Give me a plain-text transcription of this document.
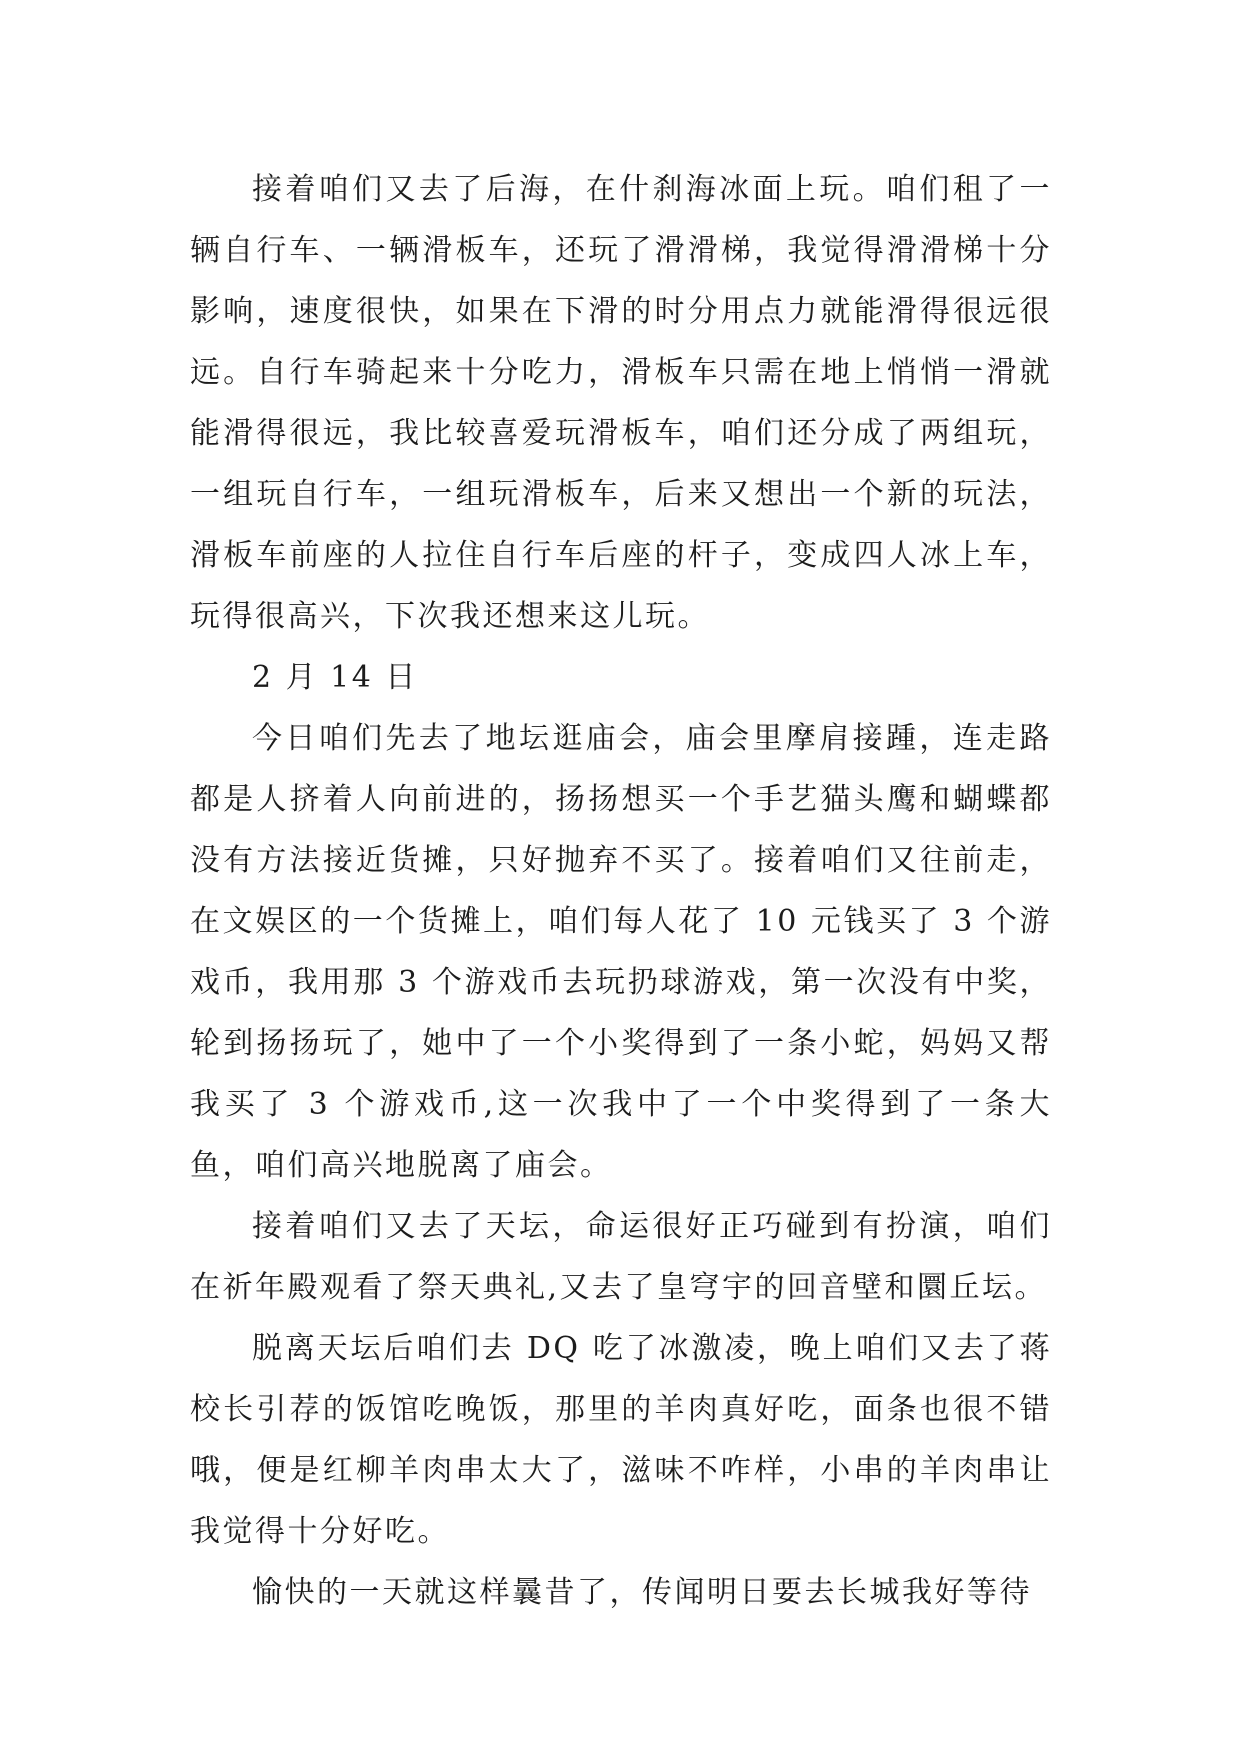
接着咱们又去了后海，在什刹海冰面上玩。咱们租了一辆自行车、一辆滑板车，还玩了滑滑梯，我觉得滑滑梯十分影响，速度很快，如果在下滑的时分用点力就能滑得很远很远。自行车骑起来十分吃力，滑板车只需在地上悄悄一滑就能滑得很远，我比较喜爱玩滑板车，咱们还分成了两组玩，一组玩自行车，一组玩滑板车，后来又想出一个新的玩法，滑板车前座的人拉住自行车后座的杆子，变成四人冰上车，玩得很高兴，下次我还想来这儿玩。

2 月 14 日

今日咱们先去了地坛逛庙会，庙会里摩肩接踵，连走路都是人挤着人向前进的，扬扬想买一个手艺猫头鹰和蝴蝶都没有方法接近货摊，只好抛弃不买了。接着咱们又往前走，在文娱区的一个货摊上，咱们每人花了 10 元钱买了 3 个游戏币，我用那 3 个游戏币去玩扔球游戏，第一次没有中奖，轮到扬扬玩了，她中了一个小奖得到了一条小蛇，妈妈又帮我买了 3 个游戏币,这一次我中了一个中奖得到了一条大鱼，咱们高兴地脱离了庙会。

接着咱们又去了天坛，命运很好正巧碰到有扮演，咱们在祈年殿观看了祭天典礼,又去了皇穹宇的回音壁和圜丘坛。

脱离天坛后咱们去 DQ 吃了冰激凌，晚上咱们又去了蒋校长引荐的饭馆吃晚饭，那里的羊肉真好吃，面条也很不错哦，便是红柳羊肉串太大了，滋味不咋样，小串的羊肉串让我觉得十分好吃。

愉快的一天就这样曩昔了，传闻明日要去长城我好等待
